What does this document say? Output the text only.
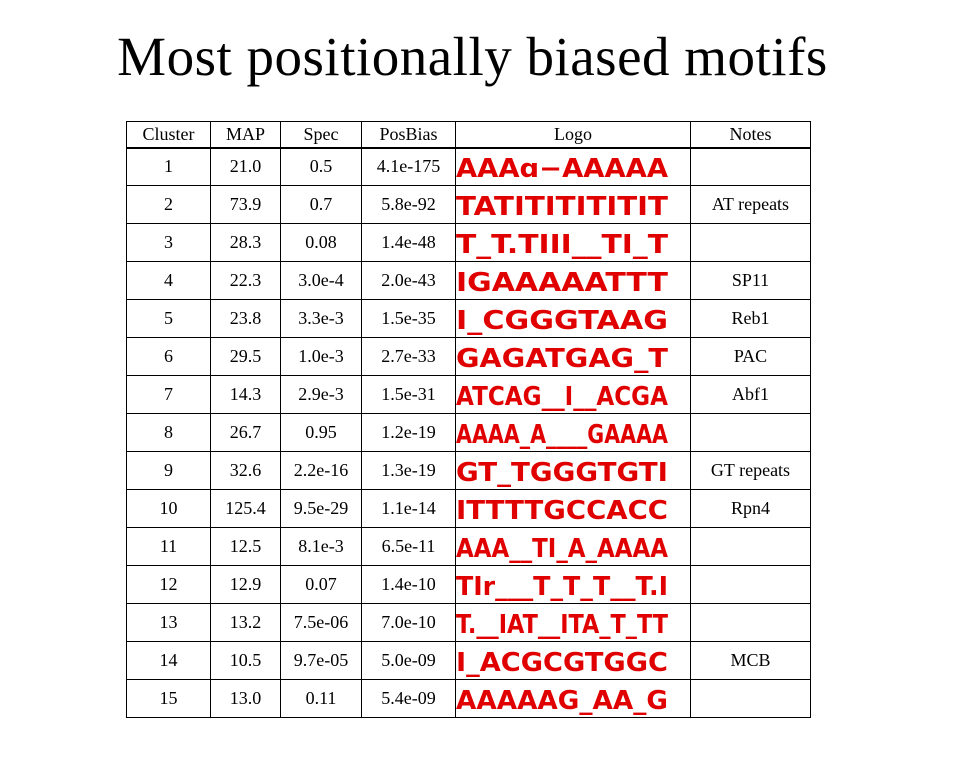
Most positionally biased motifs
Cluster	MAP	Spec	PosBias	Logo	Notes
1	21.0	0.5	4.1e-175	AAAɑ−AAAAA	

2	73.9	0.7	5.8e-92	TATITITITITIT	AT repeats
3	28.3	0.08	1.4e-48	T_T.TIII__TI_T	

4	22.3	3.0e-4	2.0e-43	IGAAAAATTT	SP11
5	23.8	3.3e-3	1.5e-35	I_CGGGTAAG	Reb1
6	29.5	1.0e-3	2.7e-33	GAGATGAG_T	PAC
7	14.3	2.9e-3	1.5e-31	ATCAG__I__ACGA	Abf1
8	26.7	0.95	1.2e-19	AAAA_A____GAAAA	

9	32.6	2.2e-16	1.3e-19	GT_TGGGTGTI	GT repeats
10	125.4	9.5e-29	1.1e-14	ITTTTGCCACC	Rpn4
11	12.5	8.1e-3	6.5e-11	AAA__TI_A_AAAA	

12	12.9	0.07	1.4e-10	TIr___T_T_T__T.I	

13	13.2	7.5e-06	7.0e-10	T.__IAT__ITA_T_TT	

14	10.5	9.7e-05	5.0e-09	I_ACGCGTGGC	MCB
15	13.0	0.11	5.4e-09	AAAAAG_AA_G	
